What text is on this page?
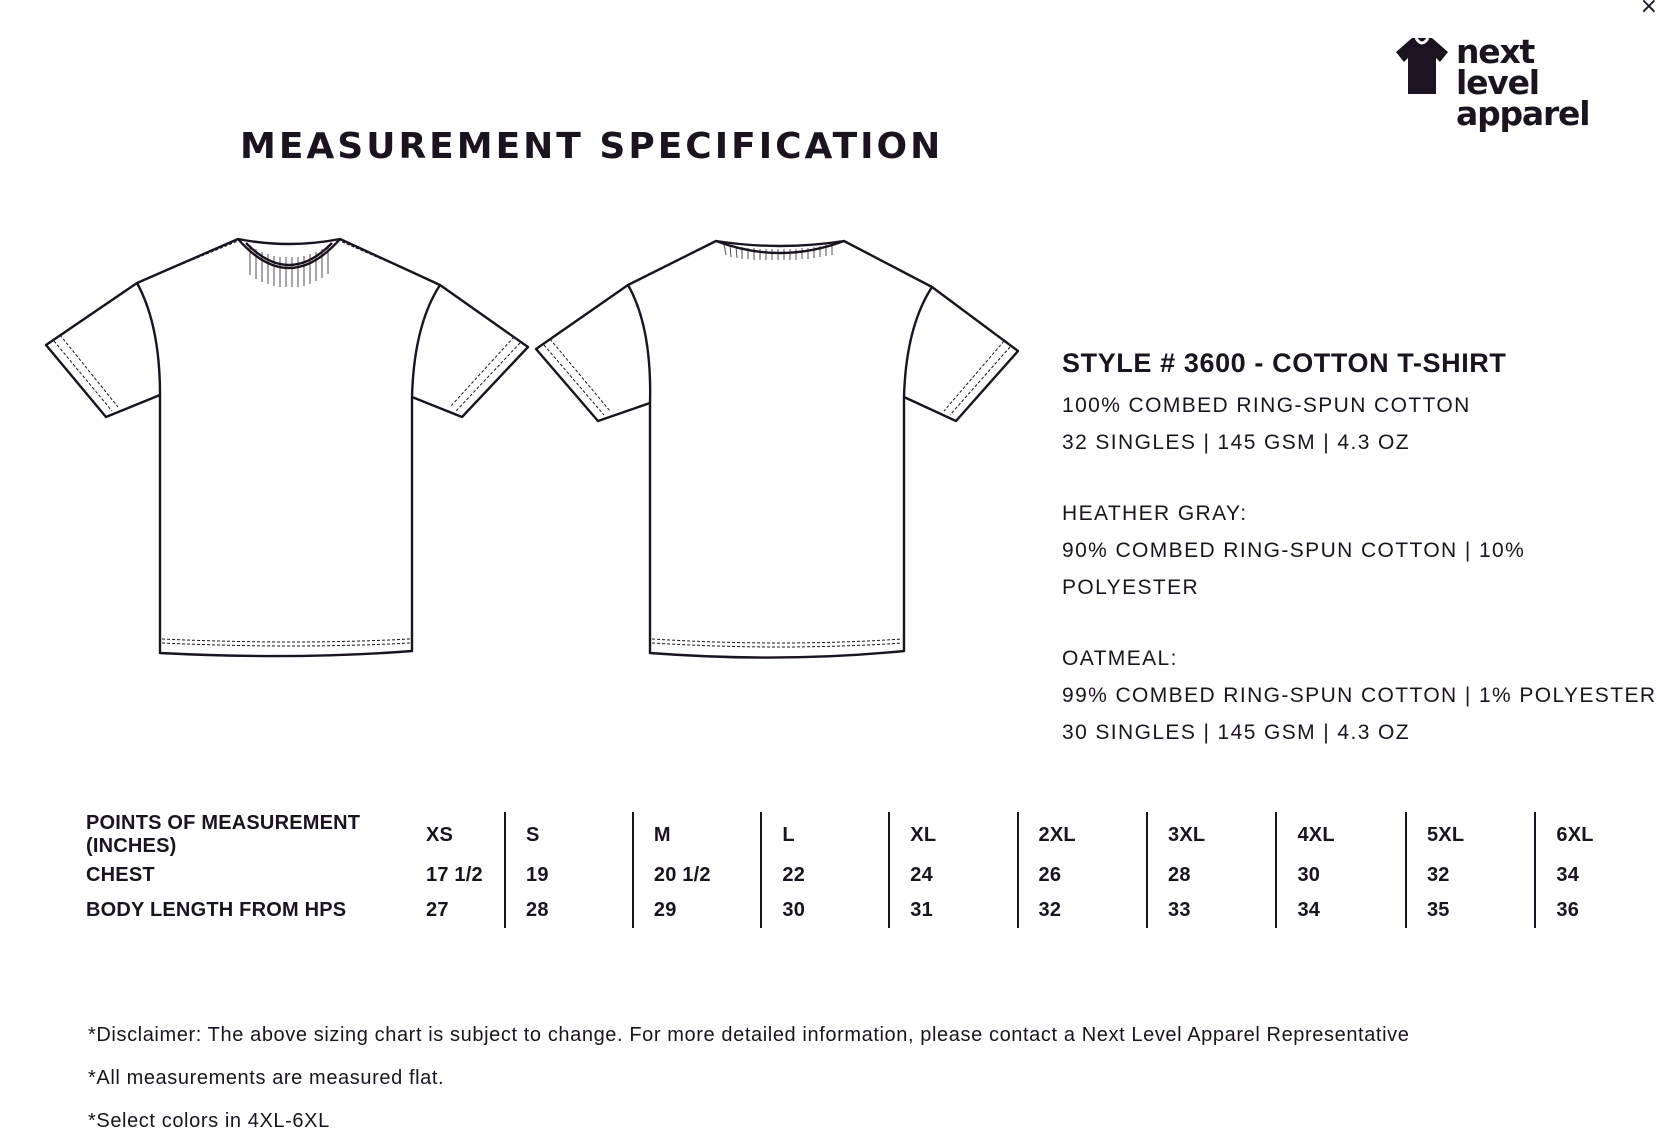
×
next level
apparel
MEASUREMENT SPECIFICATION
STYLE # 3600 - COTTON T-SHIRT
100% COMBED RING-SPUN COTTON
32 SINGLES | 145 GSM | 4.3 OZ
HEATHER GRAY:
90% COMBED RING-SPUN COTTON | 10% POLYESTER
OATMEAL:
99% COMBED RING-SPUN COTTON | 1% POLYESTER
30 SINGLES | 145 GSM | 4.3 OZ
POINTS OF MEASUREMENT (INCHES)	XS	S	M	L	XL	2XL	3XL	4XL	5XL	6XL
CHEST	17 1/2	19	20 1/2	22	24	26	28	30	32	34
BODY LENGTH FROM HPS	27	28	29	30	31	32	33	34	35	36
*Disclaimer: The above sizing chart is subject to change. For more detailed information, please contact a Next Level Apparel Representative
*All measurements are measured flat.
*Select colors in 4XL-6XL
